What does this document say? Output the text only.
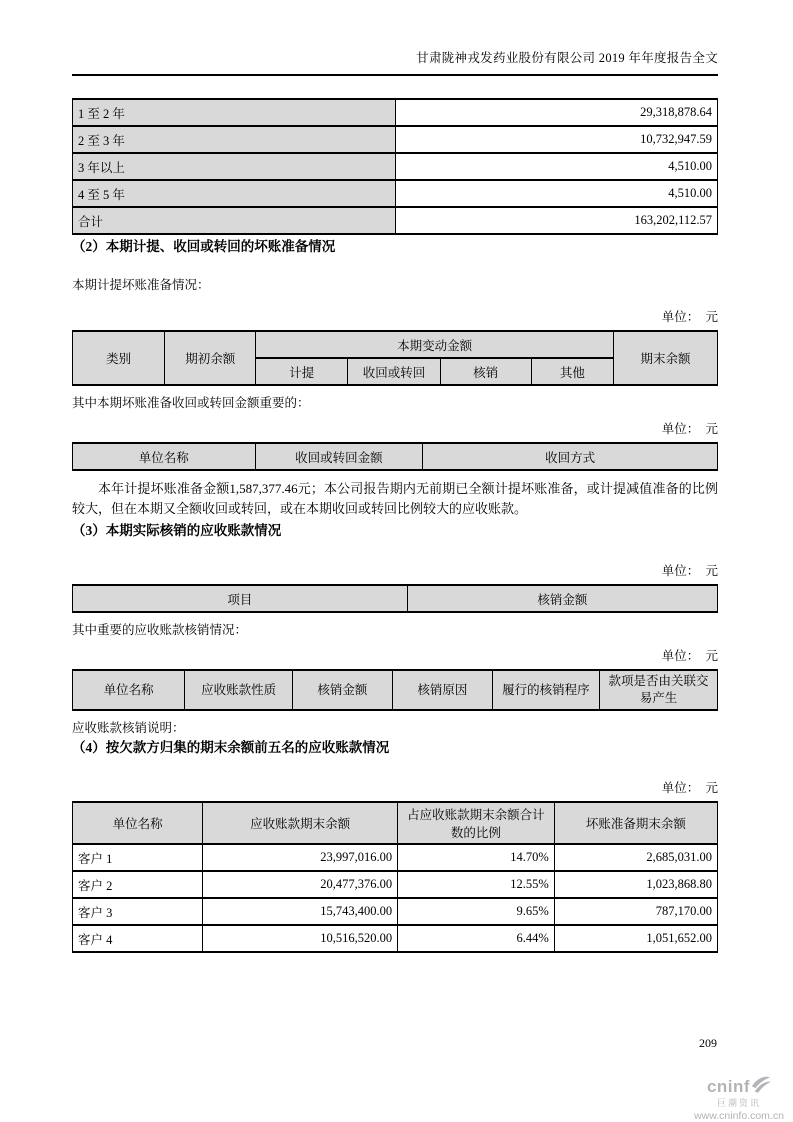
甘肃陇神戎发药业股份有限公司 2019 年年度报告全文
1 至 2 年	29,318,878.64
2 至 3 年	10,732,947.59
3 年以上	4,510.00
4 至 5 年	4,510.00
合计	163,202,112.57
（2）本期计提、收回或转回的坏账准备情况

本期计提坏账准备情况：

单位：  元
类别	期初余额	本期变动金额				期末余额
		计提	收回或转回	核销	其他	

其中本期坏账准备收回或转回金额重要的：

单位：  元
单位名称	收回或转回金额	收回方式

本年计提坏账准备金额1,587,377.46元；本公司报告期内无前期已全额计提坏账准备，或计提减值准备的比例较大，但在本期又全额收回或转回，或在本期收回或转回比例较大的应收账款。

（3）本期实际核销的应收账款情况
单位：  元
项目	核销金额

其中重要的应收账款核销情况：

单位：  元
单位名称	应收账款性质	核销金额	核销原因	履行的核销程序	款项是否由关联交易产生

应收账款核销说明：

（4）按欠款方归集的期末余额前五名的应收账款情况
单位：  元
单位名称	应收账款期末余额	占应收账款期末余额合计数的比例	坏账准备期末余额
客户 1	23,997,016.00	14.70%	2,685,031.00
客户 2	20,477,376.00	12.55%	1,023,868.80
客户 3	15,743,400.00	9.65%	787,170.00
客户 4	10,516,520.00	6.44%	1,051,652.00
209
cninf
巨潮资讯
www.cninfo.com.cn
